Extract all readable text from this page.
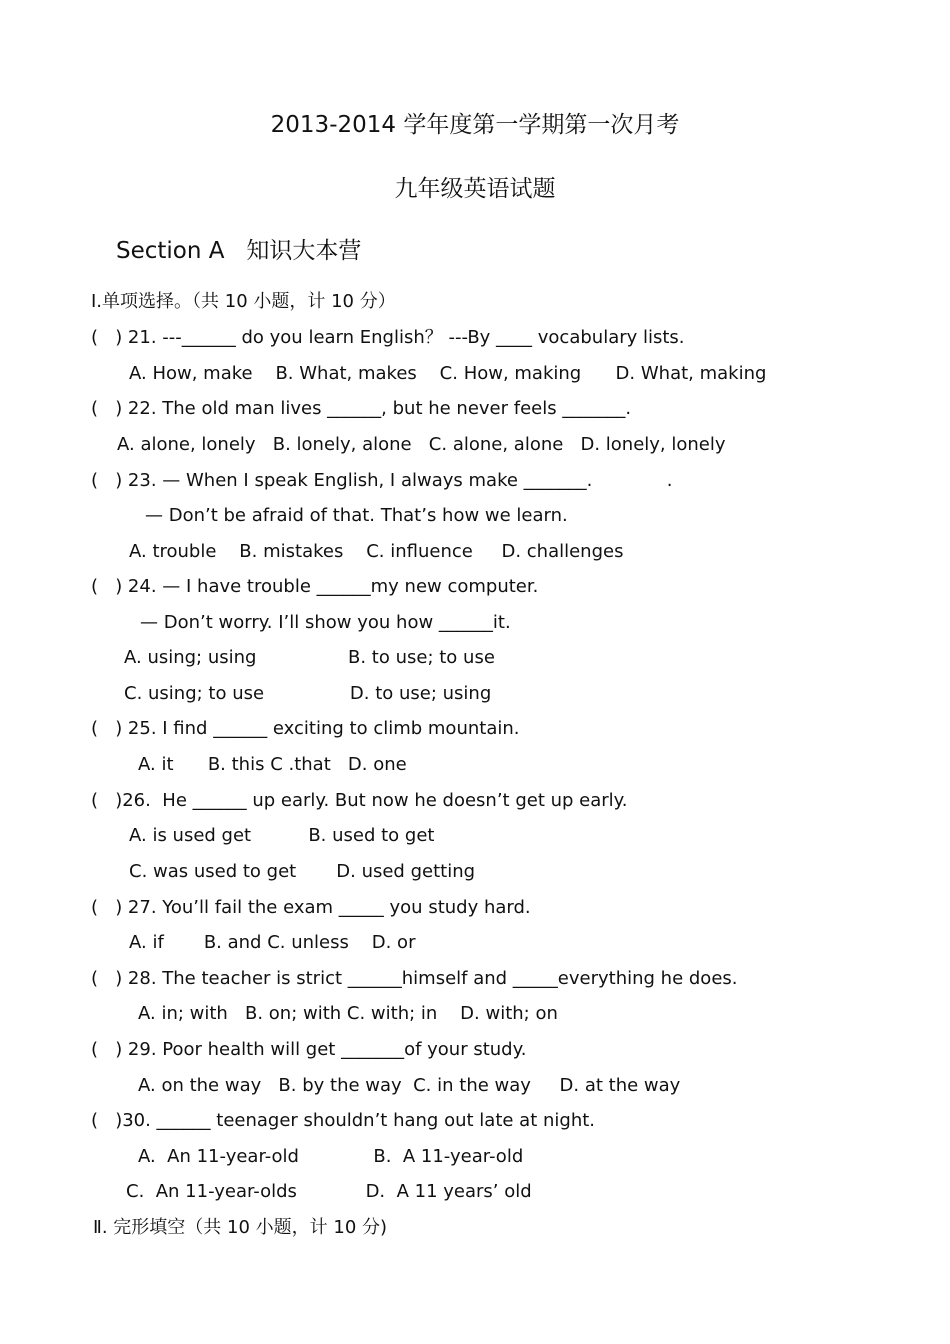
2013-2014 学年度第一学期第一次月考
九年级英语试题
Section A   知识大本营
I.单项选择。（共 10 小题，计 10 分）
(   ) 21. ---______ do you learn English？ ---By ____ vocabulary lists.
A. How, make    B. What, makes    C. How, making      D. What, making
(   ) 22. The old man lives ______, but he never feels _______.
A. alone, lonely   B. lonely, alone   C. alone, alone   D. lonely, lonely
(   ) 23. — When I speak English, I always make _______.             .
— Don’t be afraid of that. That’s how we learn.
A. trouble    B. mistakes    C. influence     D. challenges
(   ) 24. — I have trouble ______my new computer.
— Don’t worry. I’ll show you how ______it.
A. using; using                B. to use; to use
C. using; to use               D. to use; using
(   ) 25. I find ______ exciting to climb mountain.
A. it      B. this C .that   D. one
(   )26.  He ______ up early. But now he doesn’t get up early.
A. is used get          B. used to get
C. was used to get       D. used getting
(   ) 27. You’ll fail the exam _____ you study hard.
A. if       B. and C. unless    D. or
(   ) 28. The teacher is strict ______himself and _____everything he does.
A. in; with   B. on; with C. with; in    D. with; on
(   ) 29. Poor health will get _______of your study.
A. on the way   B. by the way  C. in the way     D. at the way
(   )30. ______ teenager shouldn’t hang out late at night.
A.  An 11-year-old             B.  A 11-year-old
C.  An 11-year-olds            D.  A 11 years’ old
Ⅱ. 完形填空（共 10 小题，计 10 分)
